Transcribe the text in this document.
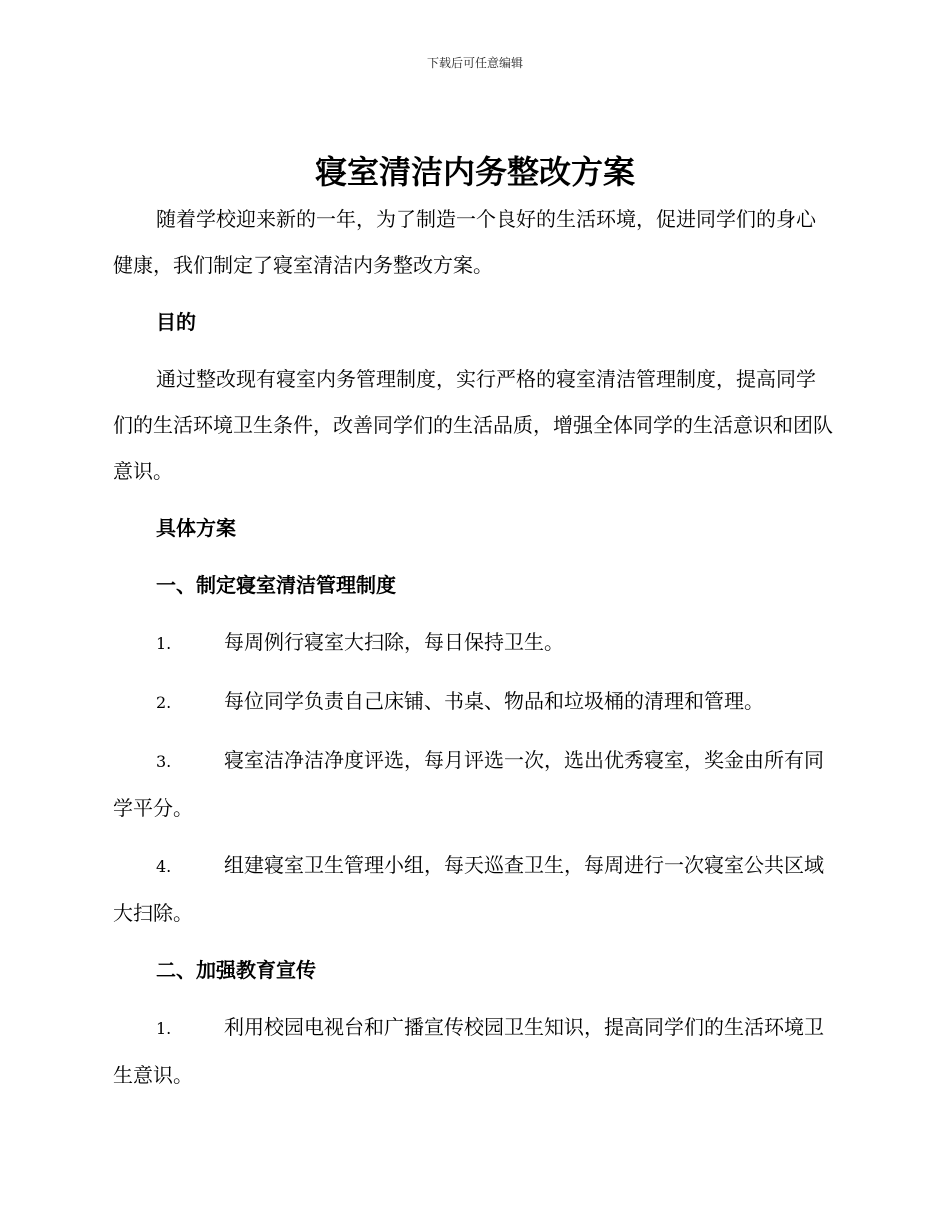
下载后可任意编辑
寝室清洁内务整改方案

随着学校迎来新的一年，为了制造一个良好的生活环境，促进同学们的身心健康，我们制定了寝室清洁内务整改方案。

目的

通过整改现有寝室内务管理制度，实行严格的寝室清洁管理制度，提高同学们的生活环境卫生条件，改善同学们的生活品质，增强全体同学的生活意识和团队意识。

具体方案
一、制定寝室清洁管理制度

1.	每周例行寝室大扫除，每日保持卫生。

2.	每位同学负责自己床铺、书桌、物品和垃圾桶的清理和管理。

3.	寝室洁净洁净度评选，每月评选一次，选出优秀寝室，奖金由所有同学平分。

4.	组建寝室卫生管理小组，每天巡查卫生，每周进行一次寝室公共区域大扫除。

二、加强教育宣传

1.	利用校园电视台和广播宣传校园卫生知识，提高同学们的生活环境卫生意识。
